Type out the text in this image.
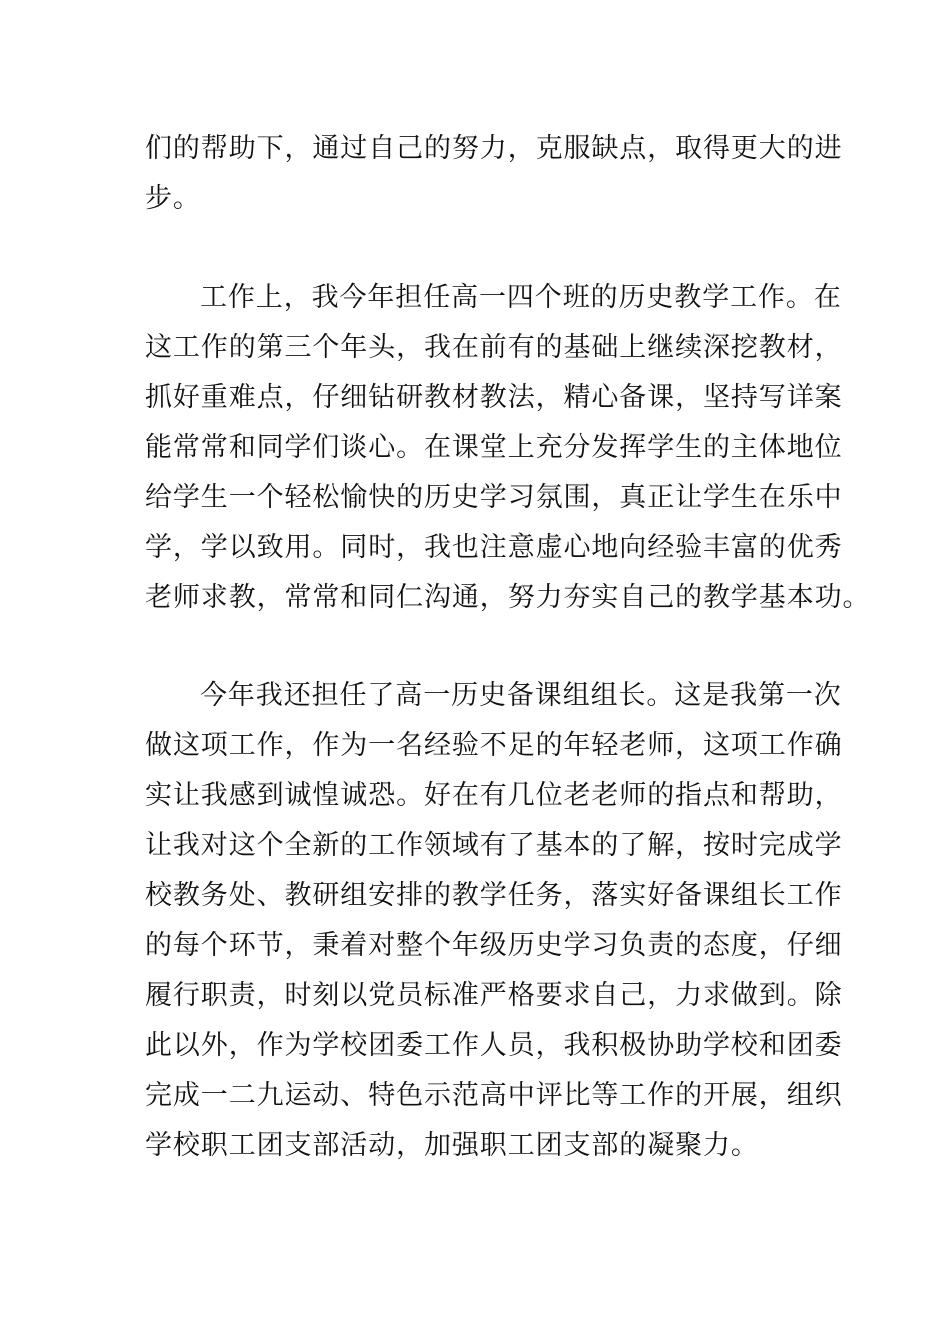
们的帮助下，通过自己的努力，克服缺点，取得更大的进

步。

工作上，我今年担任高一四个班的历史教学工作。在

这工作的第三个年头，我在前有的基础上继续深挖教材，

抓好重难点，仔细钻研教材教法，精心备课，坚持写详案

能常常和同学们谈心。在课堂上充分发挥学生的主体地位

给学生一个轻松愉快的历史学习氛围，真正让学生在乐中

学，学以致用。同时，我也注意虚心地向经验丰富的优秀

老师求教，常常和同仁沟通，努力夯实自己的教学基本功。

今年我还担任了高一历史备课组组长。这是我第一次

做这项工作，作为一名经验不足的年轻老师，这项工作确

实让我感到诚惶诚恐。好在有几位老老师的指点和帮助，

让我对这个全新的工作领域有了基本的了解，按时完成学

校教务处、教研组安排的教学任务，落实好备课组长工作

的每个环节，秉着对整个年级历史学习负责的态度，仔细

履行职责，时刻以党员标准严格要求自己，力求做到。除

此以外，作为学校团委工作人员，我积极协助学校和团委

完成一二九运动、特色示范高中评比等工作的开展，组织

学校职工团支部活动，加强职工团支部的凝聚力。
